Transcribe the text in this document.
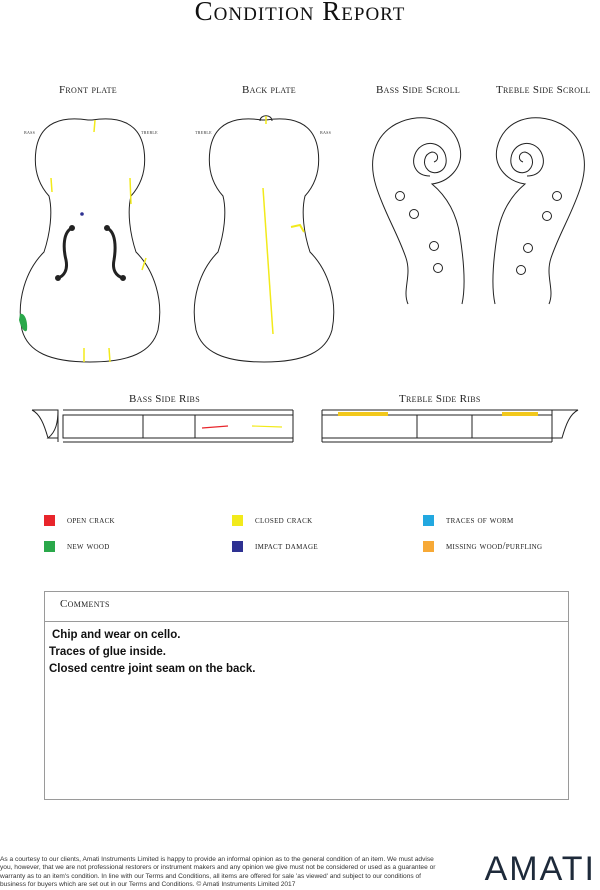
Condition Report
Front plate	Back plate	Bass Side Scroll	Treble Side Scroll
Bass Side Ribs	Treble Side Ribs
bass	treble	treble	bass
open crack	closed crack	traces of worm
new wood	impact damage	missing wood/purfling
Comments
Chip and wear on cello.
Traces of glue inside.
Closed centre joint seam on the back.
As a courtesy to our clients, Amati Instruments Limited is happy to provide an informal opinion as to the general condition of an item. We must advise you, however, that we are not professional restorers or instrument makers and any opinion we give must not be considered or used as a guarantee or warranty as to an item's condition. In line with our Terms and Conditions, all items are offered for sale 'as viewed' and subject to our conditions of business for buyers which are set out in our Terms and Conditions. © Amati Instruments Limited 2017	AMATI
